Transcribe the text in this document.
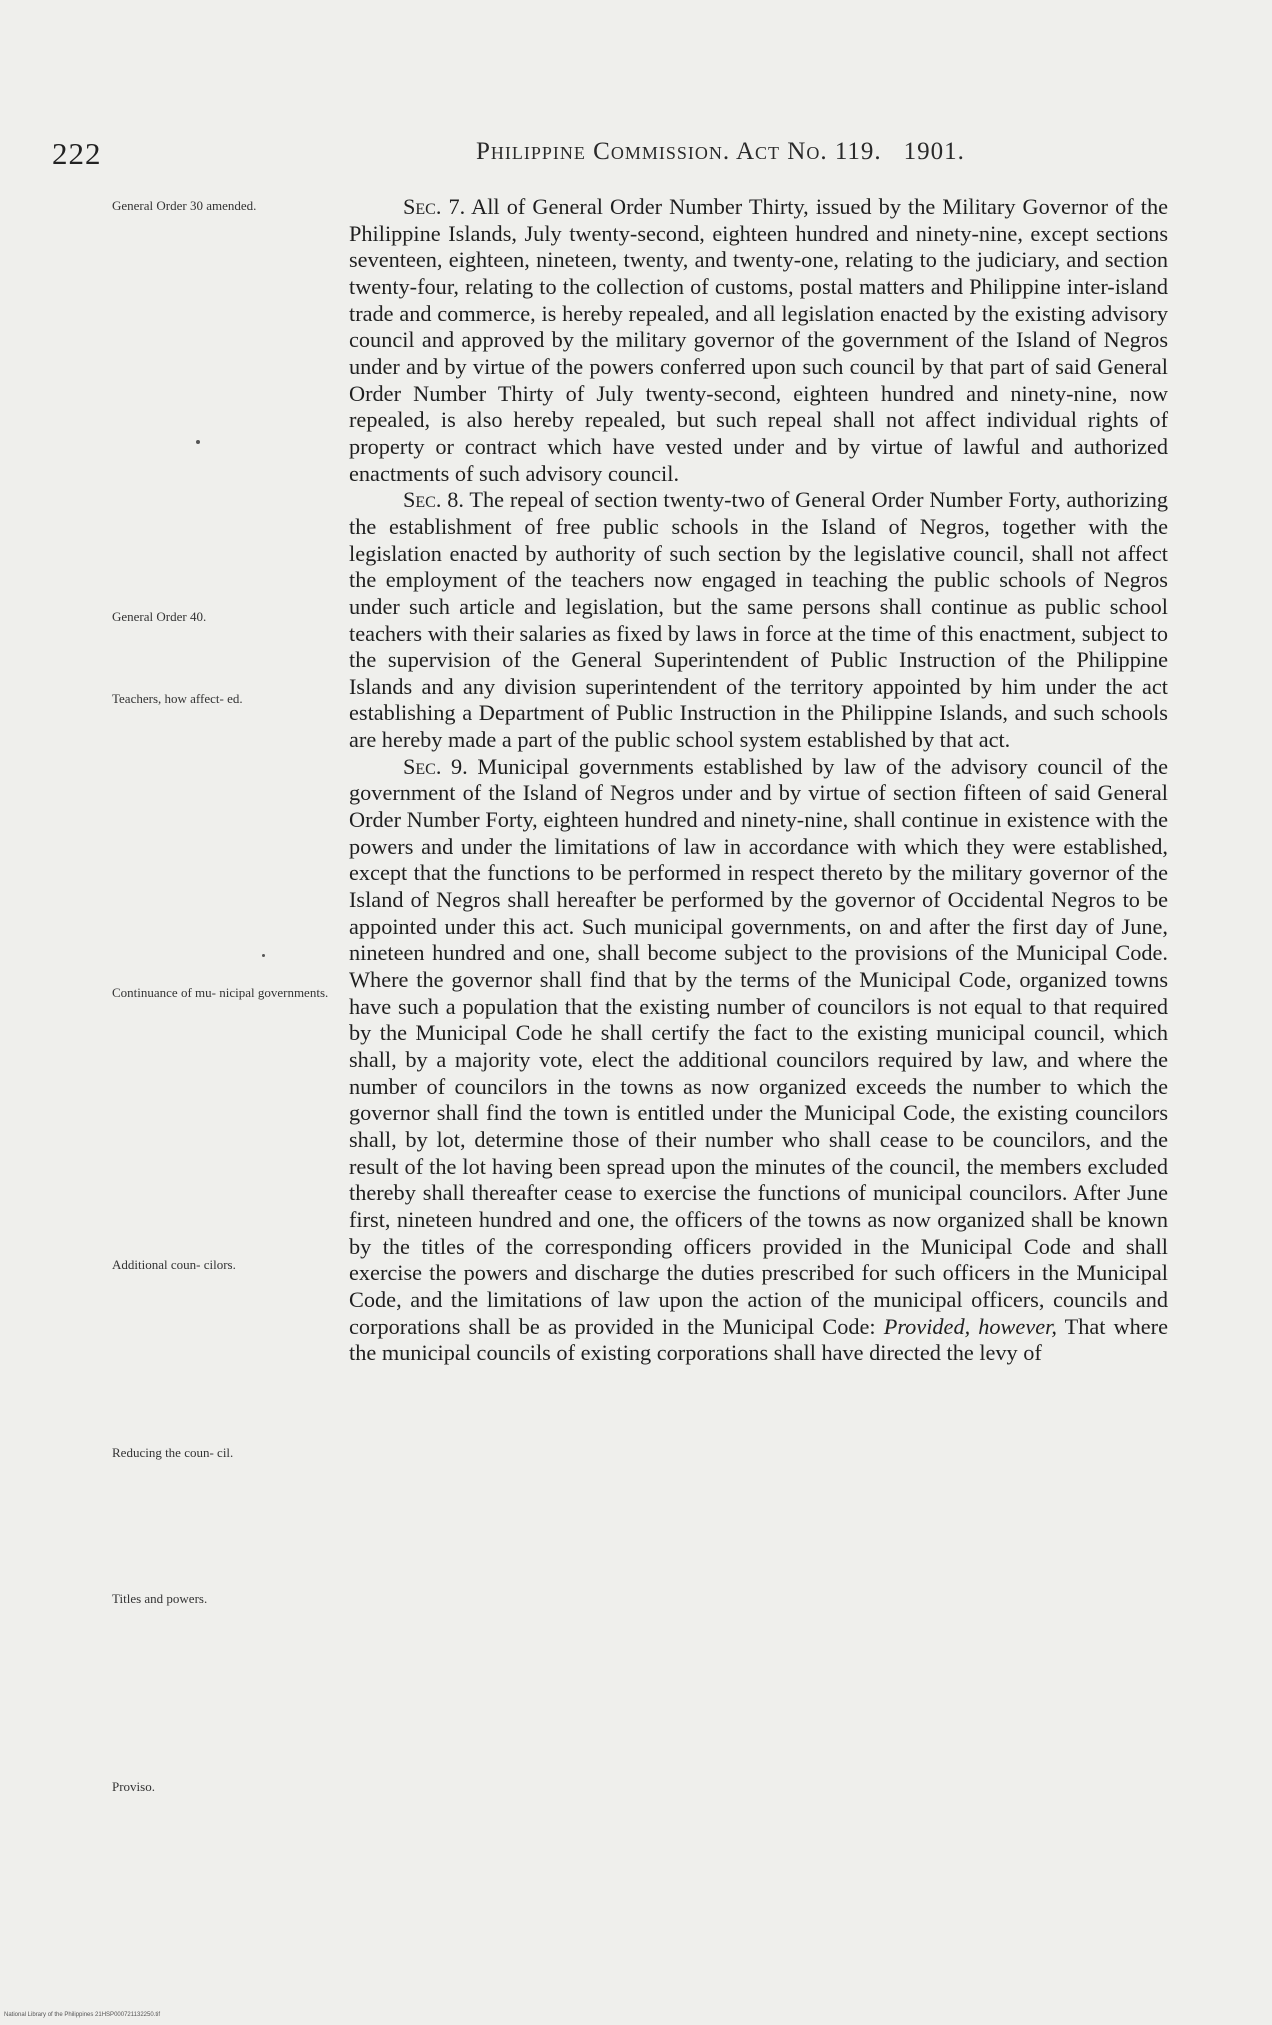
222	Philippine Commission. Act No. 119. 1901.
General Order 30 amended.
General Order 40.
Teachers, how affect- ed.
Continuance of mu- nicipal governments.
Additional coun- cilors.
Reducing the coun- cil.
Titles and powers.
Proviso.

Sec. 7. All of General Order Number Thirty, issued by the Military Governor of the Philippine Islands, July twenty-second, eighteen hundred and ninety-nine, except sections seventeen, eighteen, nineteen, twenty, and twenty-one, relating to the judiciary, and section twenty-four, relating to the collection of customs, postal matters and Philippine inter-island trade and commerce, is hereby repealed, and all legislation enacted by the existing advisory council and approved by the military governor of the government of the Island of Negros under and by virtue of the powers conferred upon such council by that part of said General Order Number Thirty of July twenty-second, eighteen hundred and ninety-nine, now repealed, is also hereby repealed, but such repeal shall not affect individual rights of property or contract which have vested under and by virtue of lawful and authorized enactments of such advisory council.

Sec. 8. The repeal of section twenty-two of General Order Number Forty, authorizing the establishment of free public schools in the Island of Negros, together with the legislation enacted by authority of such section by the legislative council, shall not affect the employment of the teachers now engaged in teaching the public schools of Negros under such article and legislation, but the same persons shall continue as public school teachers with their salaries as fixed by laws in force at the time of this enactment, subject to the supervision of the General Superintendent of Public Instruction of the Philippine Islands and any division superintendent of the territory appointed by him under the act establishing a Department of Public Instruction in the Philippine Islands, and such schools are hereby made a part of the public school system established by that act.

Sec. 9. Municipal governments established by law of the advisory council of the government of the Island of Negros under and by virtue of section fifteen of said General Order Number Forty, eighteen hundred and ninety-nine, shall continue in existence with the powers and under the limitations of law in accordance with which they were established, except that the functions to be performed in respect thereto by the military governor of the Island of Negros shall hereafter be performed by the governor of Occidental Negros to be appointed under this act. Such municipal governments, on and after the first day of June, nineteen hundred and one, shall become subject to the provisions of the Municipal Code. Where the governor shall find that by the terms of the Municipal Code, organized towns have such a population that the existing number of councilors is not equal to that required by the Municipal Code he shall certify the fact to the existing municipal council, which shall, by a majority vote, elect the additional councilors required by law, and where the number of councilors in the towns as now organized exceeds the number to which the governor shall find the town is entitled under the Municipal Code, the existing councilors shall, by lot, determine those of their number who shall cease to be councilors, and the result of the lot having been spread upon the minutes of the council, the members excluded thereby shall thereafter cease to exercise the functions of municipal councilors. After June first, nineteen hundred and one, the officers of the towns as now organized shall be known by the titles of the corresponding officers provided in the Municipal Code and shall exercise the powers and discharge the duties prescribed for such officers in the Municipal Code, and the limitations of law upon the action of the municipal officers, councils and corporations shall be as provided in the Municipal Code: Provided, however, That where the municipal councils of existing corporations shall have directed the levy of

National Library of the Philippines 21HSP000721132250.tif
